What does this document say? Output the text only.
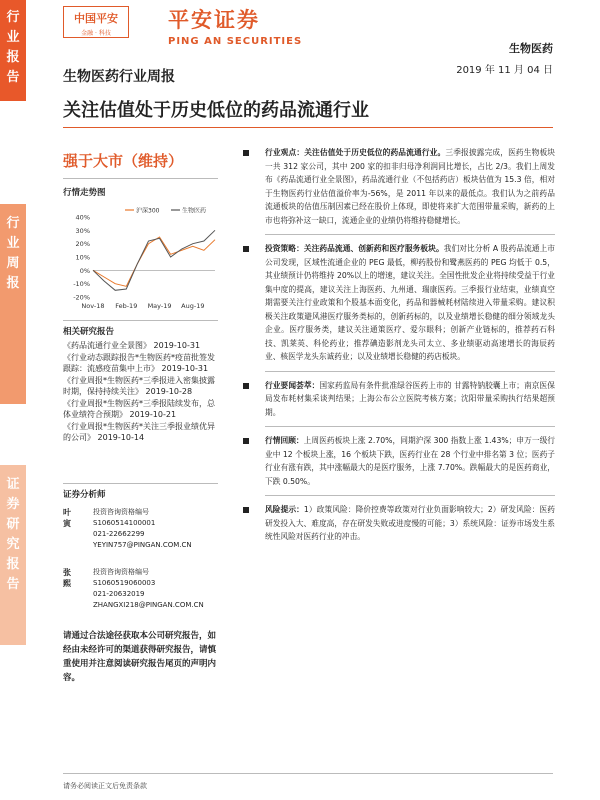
行
业
报
告
行
业
周
报
证
券
研
究
报
告
中国平安
金融 · 科技
平安证券
PING AN SECURITIES
生物医药
2019 年 11 月 04 日
生物医药行业周报
关注估值处于历史低位的药品流通行业
强于大市（维持）
行情走势图
40%
30%
20%
10%
0%
-10%
-20%
Nov-18 Feb-19 May-19 Aug-19
沪深300	生物医药
相关研究报告
《药品流通行业全景图》 2019-10-31
《行业动态跟踪报告*生物医药*疫苗批签发跟踪：流感疫苗集中上市》 2019-10-31
《行业周报*生物医药*三季报进入密集披露时期，保持持续关注》 2019-10-28
《行业周报*生物医药*三季报陆续发布，总体业绩符合预期》 2019-10-21
《行业周报*生物医药*关注三季报业绩优异的公司》 2019-10-14
证券分析师
叶寅
投资咨询资格编号
S1060514100001
021-22662299
YEYIN757@PINGAN.COM.CN
张熙
投资咨询资格编号
S1060519060003
021-20632019
ZHANGXI218@PINGAN.COM.CN
请通过合法途径获取本公司研究报告，如经由未经许可的渠道获得研究报告，请慎重使用并注意阅读研究报告尾页的声明内容。
行业观点：关注估值处于历史低位的药品流通行业。三季报披露完成，医药生物板块一共 312 家公司，其中 200 家的扣非归母净利润同比增长，占比 2/3。我们上周发布《药品流通行业全景图》，药品流通行业（不包括药店）板块估值为 15.3 倍，相对于生物医药行业估值溢价率为-56%，是 2011 年以来的最低点。我们认为之前药品流通板块的估值压制因素已经在股价上体现，即使将来扩大范围带量采购，新药的上市也将弥补这一缺口，流通企业的业绩仍将维持稳健增长。
投资策略：关注药品流通、创新药和医疗服务板块。我们对比分析 A 股药品流通上市公司发现，区域性流通企业的 PEG 最低，柳药股份和鹭燕医药的 PEG 均低于 0.5，其业绩预计仍将维持 20%以上的增速，建议关注。全国性批发企业将持续受益于行业集中度的提高，建议关注上海医药、九州通、瑞康医药。三季报行业结束，业绩真空期需要关注行业政策和个股基本面变化，药品和器械耗材陆续进入带量采购。建议积极关注政策避风港医疗服务类标的，创新药标的，以及业绩增长稳健的细分领域龙头企业。医疗服务类，建议关注通策医疗、爱尔眼科；创新产业链标的，推荐药石科技、凯莱英、科伦药业；推荐碘造影剂龙头司太立、多业绩驱动高速增长的海辰药业、核医学龙头东诚药业；以及业绩增长稳健的药店板块。
行业要闻荟萃：国家药监局有条件批准绿谷医药上市的 甘露特钠胶囊上市；南京医保局发布耗材集采谈判结果；上海公布公立医院考核方案；沈阳带量采购执行结果超预期。
行情回顾：上周医药板块上涨 2.70%，同期沪深 300 指数上涨 1.43%；申万一级行业中 12 个板块上涨，16 个板块下跌，医药行业在 28 个行业中排名第 3 位；医药子行业有涨有跌，其中涨幅最大的是医疗服务，上涨 7.70%。跌幅最大的是医药商业，下跌 0.50%。
风险提示：1）政策风险：降价控费等政策对行业负面影响较大；2）研发风险：医药研发投入大、难度高，存在研发失败或进度慢的可能；3）系统风险：证券市场发生系统性风险对医药行业的冲击。
请务必阅读正文后免责条款
